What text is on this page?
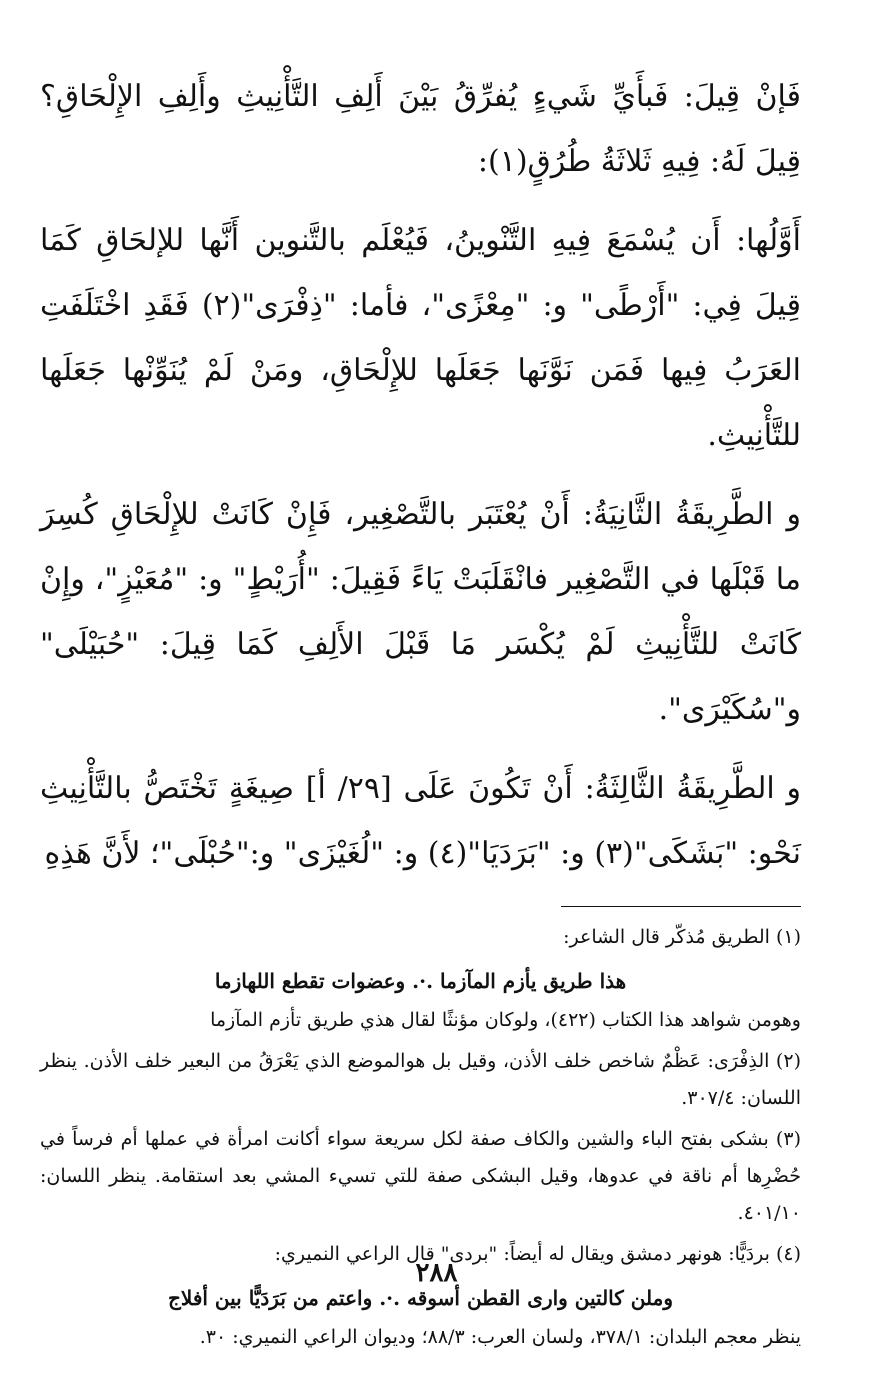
فَإنْ قِيلَ: فَبأَيِّ شَيءٍ يُفرِّقُ بَيْنَ أَلِفِ التَّأْنِيثِ وأَلِفِ الإِلْحَاقِ؟ قِيلَ لَهُ: فِيهِ ثَلاثَةُ طُرُقٍ(١):

أَوَّلُها: أَن يُسْمَعَ فِيهِ التَّنْوينُ، فَيُعْلَم بالتَّنوين أَنَّها للإلحَاقِ كَمَا قِيلَ فِي: "أَرْطًى" و: "مِعْزًى"، فأما: "ذِفْرَى"(٢) فَقَدِ اخْتَلَفَتِ العَرَبُ فِيها فَمَن نَوَّنَها جَعَلَها للإِلْحَاقِ، ومَنْ لَمْ يُنَوِّنْها جَعَلَها للتَّأْنِيثِ.

و الطَّرِيقَةُ الثَّانِيَةُ: أَنْ يُعْتَبَر بالتَّصْغِير، فَإِنْ كَانَتْ للإِلْحَاقِ كُسِرَ ما قَبْلَها في التَّصْغِير فانْقَلَبَتْ يَاءً فَقِيلَ: "أُرَيْطٍ" و: "مُعَيْزٍ"، وإِنْ كَانَتْ للتَّأْنِيثِ لَمْ يُكْسَر مَا قَبْلَ الأَلِفِ كَمَا قِيلَ: "حُبَيْلَى" و"سُكَيْرَى".

و الطَّرِيقَةُ الثَّالِثَةُ: أَنْ تَكُونَ عَلَى [٢٩/ أ] صِيغَةٍ تَخْتَصُّ بالتَّأْنِيثِ نَحْو: "بَشَكَى"(٣) و: "بَرَدَيَا"(٤) و: "لُغَيْزَى" و:"حُبْلَى"؛ لأَنَّ هَذِهِ

(١) الطريق مُذكّر قال الشاعر:

هذا طريق يأزم المآزما .·. وعضوات تقطع اللهازما

وهومن شواهد هذا الكتاب (٤٢٢)، ولوكان مؤنثًا لقال هذي طريق تأزم المآزما

(٢) الذِفْرَى: عَظْمٌ شاخص خلف الأذن، وقيل بل هوالموضع الذي يَعْرَقُ من البعير خلف الأذن. ينظر اللسان: ٣٠٧/٤.

(٣) بشكى بفتح الباء والشين والكاف صفة لكل سريعة سواء أكانت امرأة في عملها أم فرساً في حُضْرِها أم ناقة في عدوها، وقيل البشكى صفة للتي تسيء المشي بعد استقامة. ينظر اللسان: ٤٠١/١٠.

(٤) بردَيًّا: هونهر دمشق ويقال له أيضاً: "بردى" قال الراعي النميري:

وملن كالتين وارى القطن أسوقه .·. واعتم من بَرَدَيًّا بين أفلاج

ينظر معجم البلدان: ٣٧٨/١، ولسان العرب: ٨٨/٣؛ وديوان الراعي النميري: ٣٠.

٢٨٨
